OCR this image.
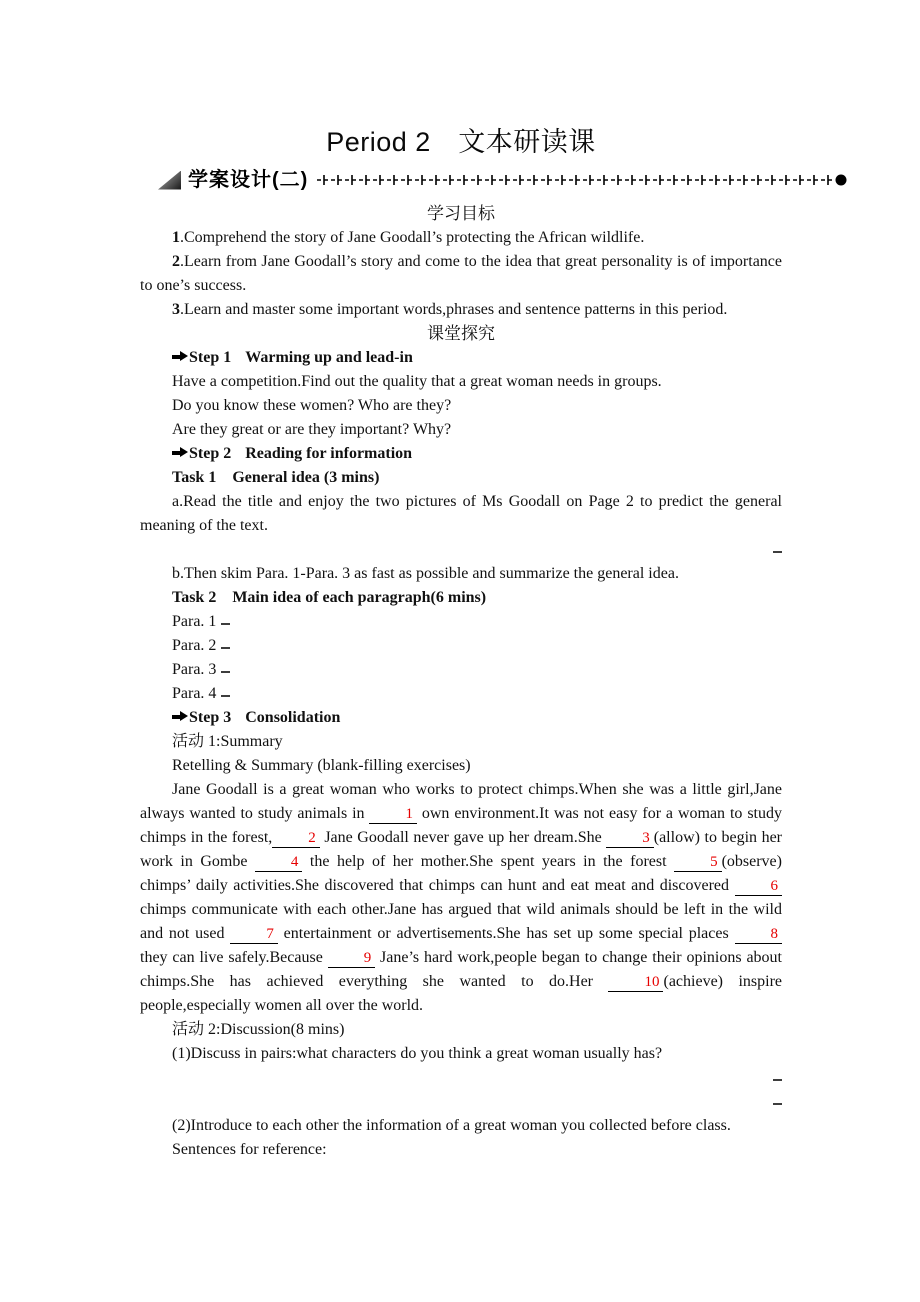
Period 2　文本研读课
学案设计(二)

学习目标

1.Comprehend the story of Jane Goodall’s protecting the African wildlife.

2.Learn from Jane Goodall’s story and come to the idea that great personality is of importance to one’s success.

3.Learn and master some important words,phrases and sentence patterns in this period.

课堂探究

Step 1 Warming up and lead-in

Have a competition.Find out the quality that a great woman needs in groups.

Do you know these women? Who are they?

Are they great or are they important? Why?

Step 2 Reading for information

Task 1　General idea (3 mins)

a.Read the title and enjoy the two pictures of Ms Goodall on Page 2 to predict the general meaning of the text.

b.Then skim Para. 1-Para. 3 as fast as possible and summarize the general idea.

Task 2　Main idea of each paragraph(6 mins)

Para. 1

Para. 2

Para. 3

Para. 4

Step 3 Consolidation

活动 1:Summary

Retelling & Summary (blank-filling exercises)

Jane Goodall is a great woman who works to protect chimps.When she was a little girl,Jane always wanted to study animals in 1 own environment.It was not easy for a woman to study chimps in the forest, 2 Jane Goodall never gave up her dream.She 3 (allow) to begin her work in Gombe 4 the help of her mother.She spent years in the forest 5 (observe) chimps’ daily activities.She discovered that chimps can hunt and eat meat and discovered 6 chimps communicate with each other.Jane has argued that wild animals should be left in the wild and not used 7 entertainment or advertisements.She has set up some special places 8 they can live safely.Because 9 Jane’s hard work,people began to change their opinions about chimps.She has achieved everything she wanted to do.Her 10 (achieve) inspire people,especially women all over the world.

活动 2:Discussion(8 mins)

(1)Discuss in pairs:what characters do you think a great woman usually has?

(2)Introduce to each other the information of a great woman you collected before class.

Sentences for reference:
